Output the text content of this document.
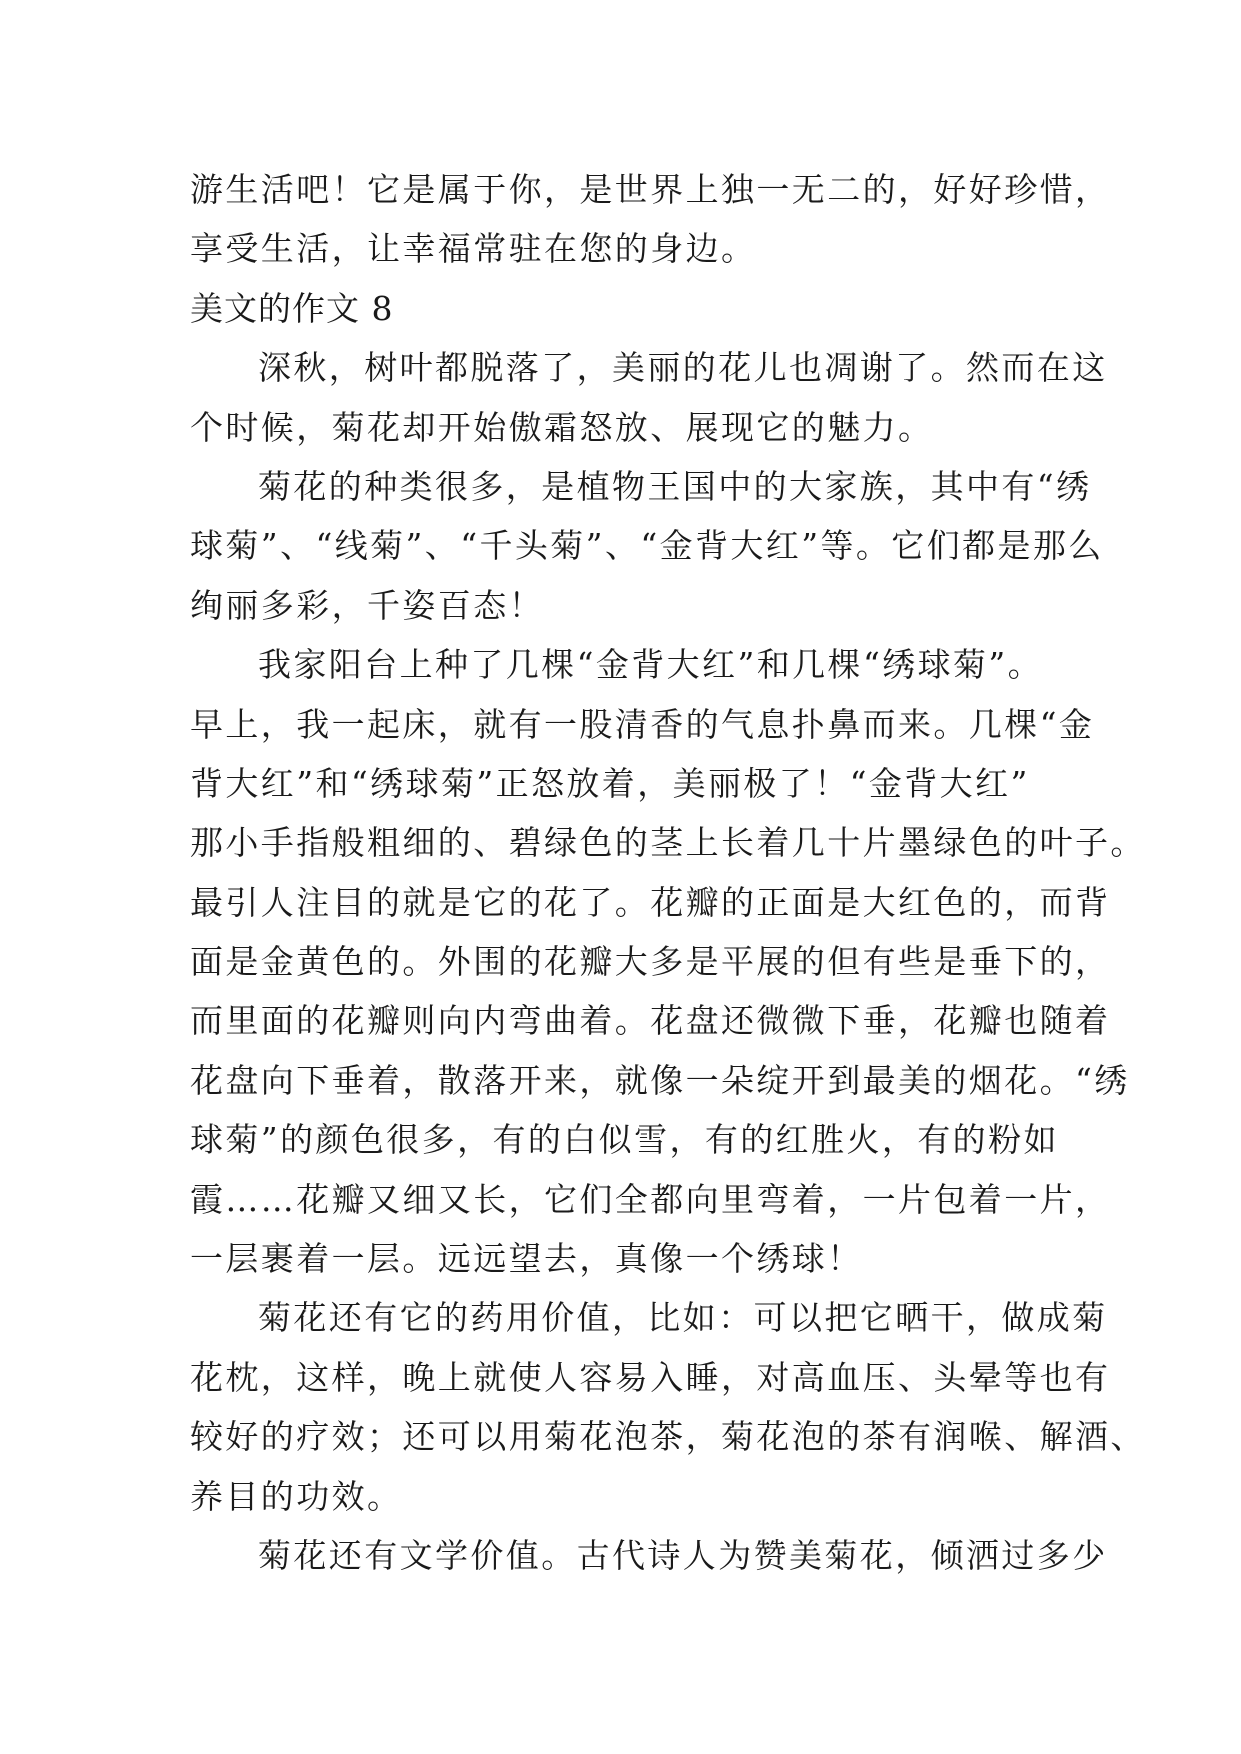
游生活吧！它是属于你，是世界上独一无二的，好好珍惜，
享受生活，让幸福常驻在您的身边。
美文的作文 8
深秋，树叶都脱落了，美丽的花儿也凋谢了。然而在这
个时候，菊花却开始傲霜怒放、展现它的魅力。
菊花的种类很多，是植物王国中的大家族，其中有“绣
球菊”、“线菊”、“千头菊”、“金背大红”等。它们都是那么
绚丽多彩，千姿百态！
我家阳台上种了几棵“金背大红”和几棵“绣球菊”。
早上，我一起床，就有一股清香的气息扑鼻而来。几棵“金
背大红”和“绣球菊”正怒放着，美丽极了！“金背大红”
那小手指般粗细的、碧绿色的茎上长着几十片墨绿色的叶子。
最引人注目的就是它的花了。花瓣的正面是大红色的，而背
面是金黄色的。外围的花瓣大多是平展的但有些是垂下的，
而里面的花瓣则向内弯曲着。花盘还微微下垂，花瓣也随着
花盘向下垂着，散落开来，就像一朵绽开到最美的烟花。“绣
球菊”的颜色很多，有的白似雪，有的红胜火，有的粉如
霞……花瓣又细又长，它们全都向里弯着，一片包着一片，
一层裹着一层。远远望去，真像一个绣球！
菊花还有它的药用价值，比如：可以把它晒干，做成菊
花枕，这样，晚上就使人容易入睡，对高血压、头晕等也有
较好的疗效；还可以用菊花泡茶，菊花泡的茶有润喉、解酒、
养目的功效。
菊花还有文学价值。古代诗人为赞美菊花，倾洒过多少
